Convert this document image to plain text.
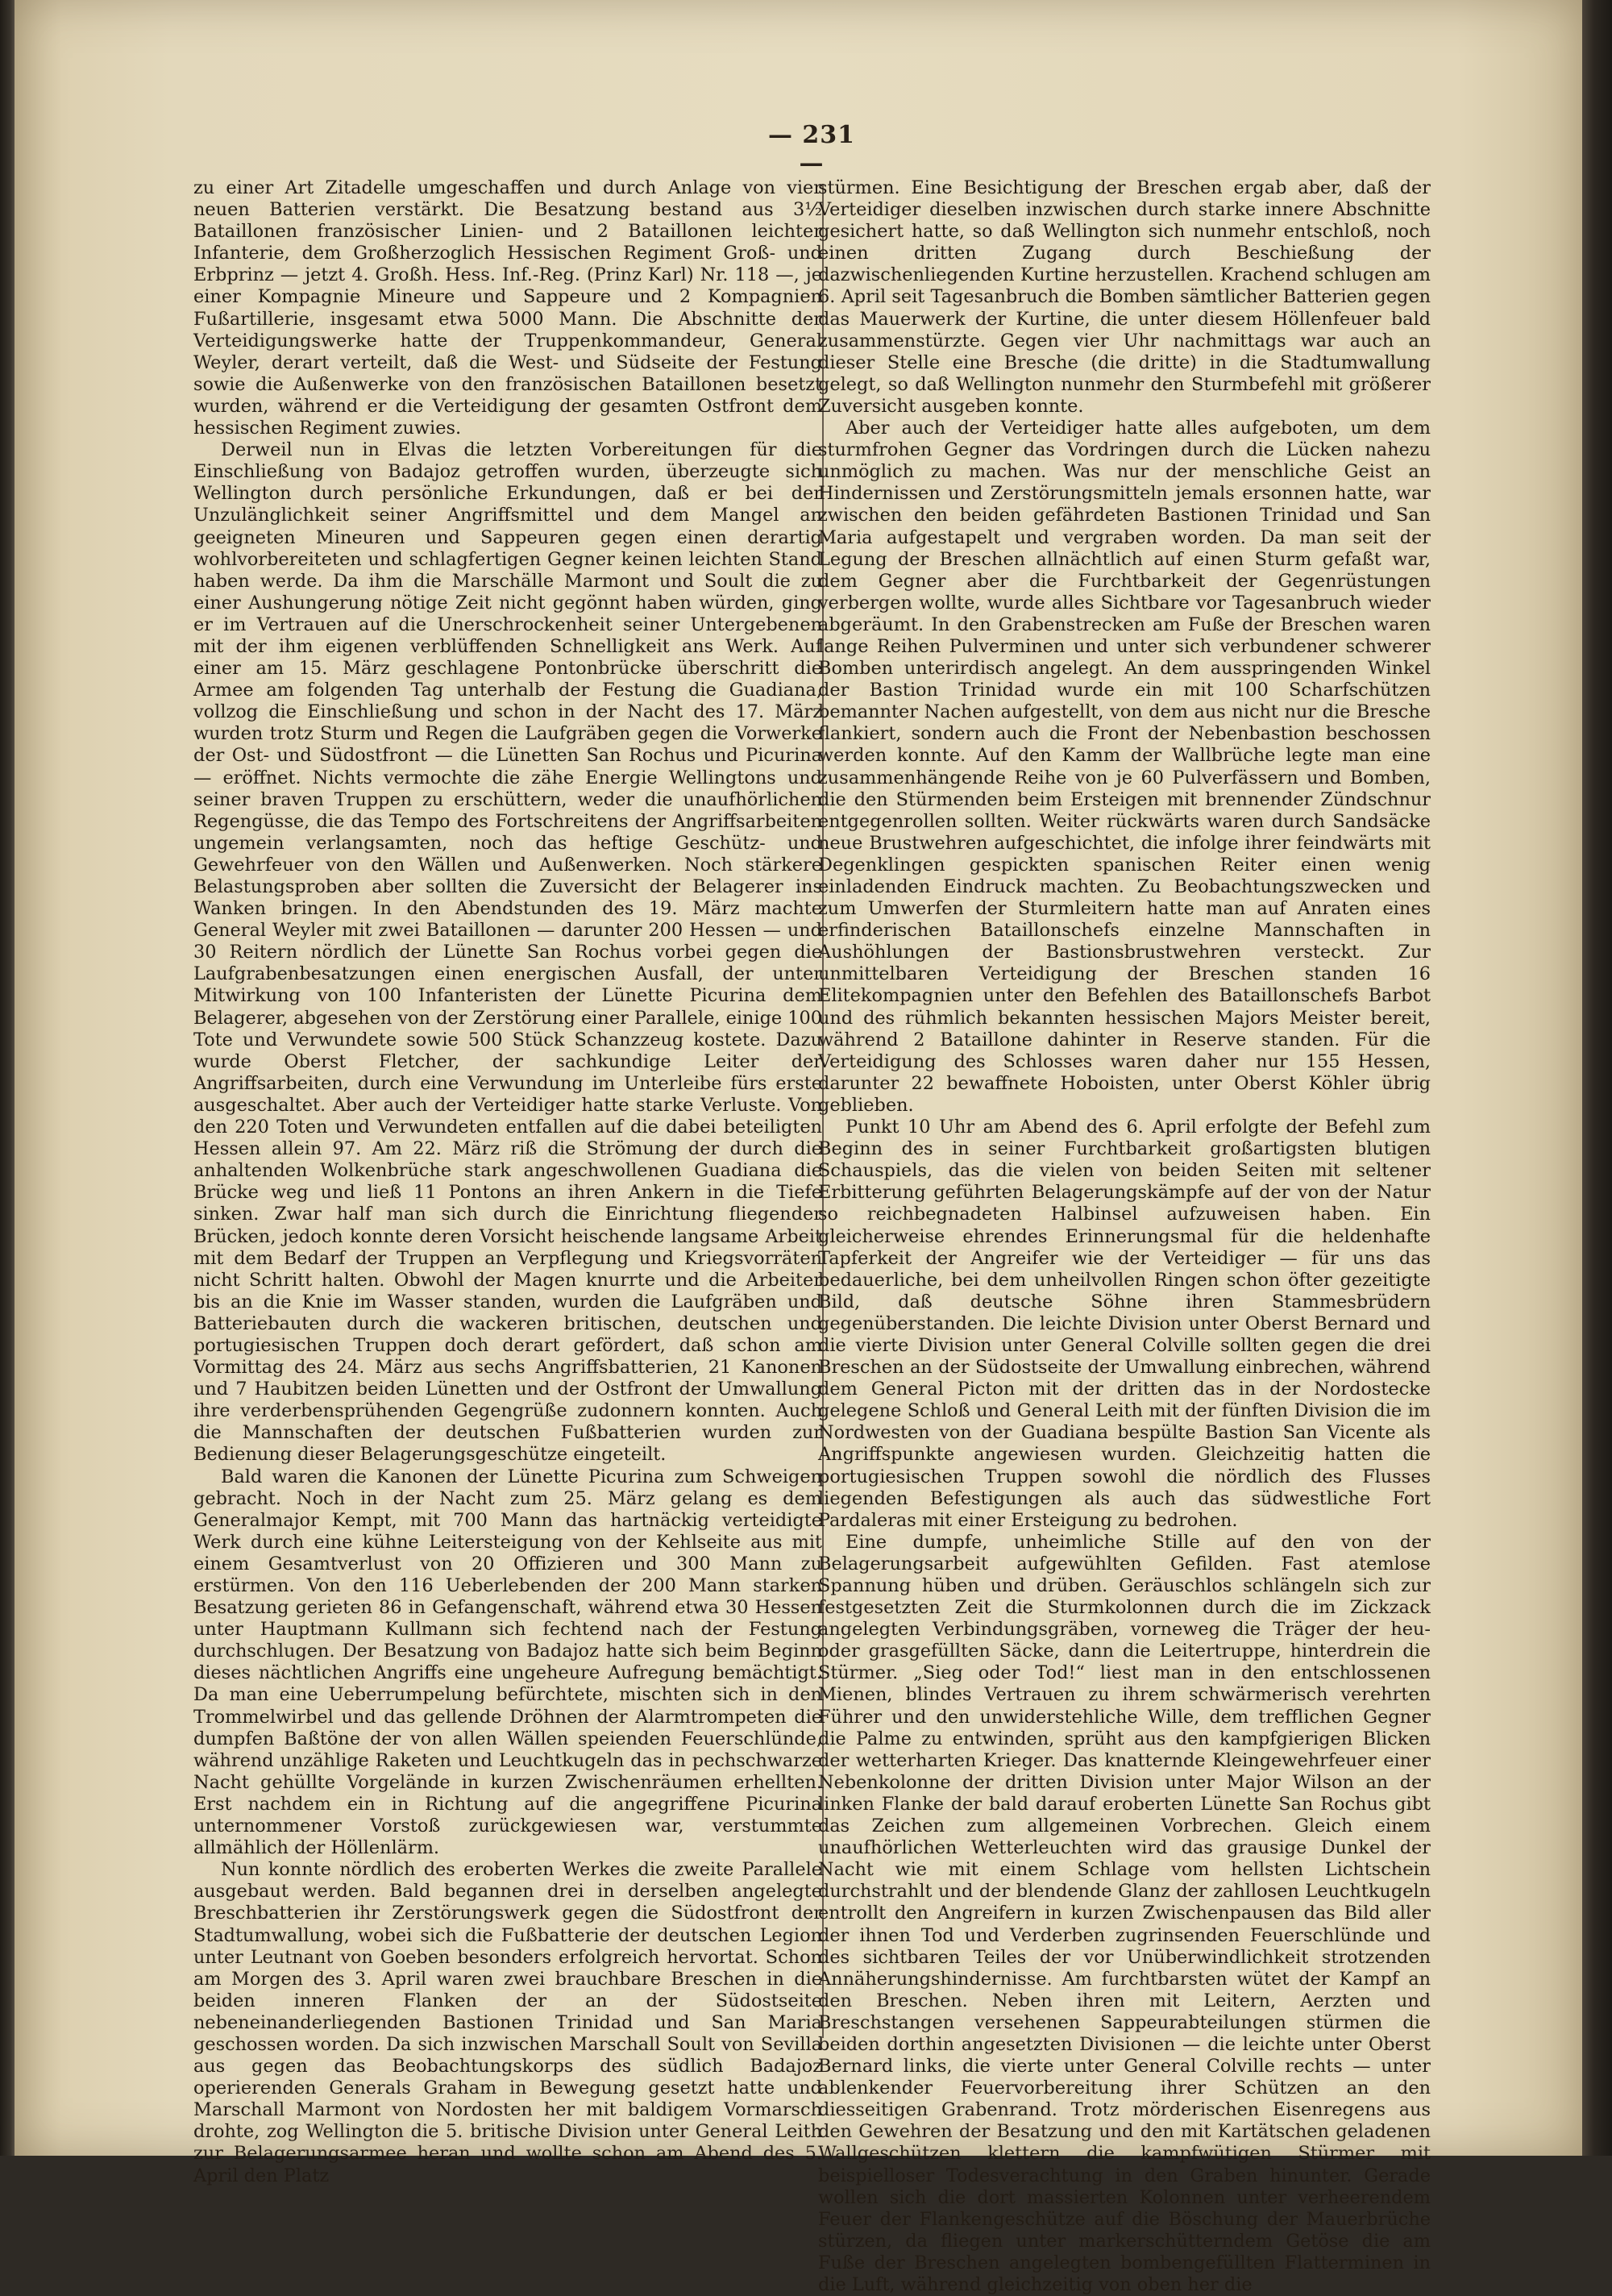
— 231 —

zu einer Art Zitadelle umgeschaffen und durch Anlage von vier neuen Batterien verstärkt. Die Besatzung bestand aus 3½ Bataillonen französischer Linien- und 2 Bataillonen leichter Infanterie, dem Großherzoglich Hessischen Regiment Groß- und Erbprinz — jetzt 4. Großh. Hess. Inf.-Reg. (Prinz Karl) Nr. 118 —, je einer Kompagnie Mineure und Sappeure und 2 Kompagnien Fußartillerie, insgesamt etwa 5000 Mann. Die Abschnitte der Verteidigungswerke hatte der Truppenkommandeur, General Weyler, derart verteilt, daß die West- und Südseite der Festung sowie die Außenwerke von den französischen Bataillonen besetzt wurden, während er die Verteidigung der gesamten Ostfront dem hessischen Regiment zuwies.

Derweil nun in Elvas die letzten Vorbereitungen für die Einschließung von Badajoz getroffen wurden, überzeugte sich Wellington durch persönliche Erkundungen, daß er bei der Unzulänglichkeit seiner Angriffsmittel und dem Mangel an geeigneten Mineuren und Sappeuren gegen einen derartig wohlvorbereiteten und schlagfertigen Gegner keinen leichten Stand haben werde. Da ihm die Marschälle Marmont und Soult die zu einer Aushungerung nötige Zeit nicht gegönnt haben würden, ging er im Vertrauen auf die Unerschrockenheit seiner Untergebenen mit der ihm eigenen verblüffenden Schnelligkeit ans Werk. Auf einer am 15. März geschlagene Pontonbrücke überschritt die Armee am folgenden Tag unterhalb der Festung die Guadiana, vollzog die Einschließung und schon in der Nacht des 17. März wurden trotz Sturm und Regen die Laufgräben gegen die Vorwerke der Ost- und Südostfront — die Lünetten San Rochus und Picurina — eröffnet. Nichts vermochte die zähe Energie Wellingtons und seiner braven Truppen zu erschüttern, weder die unaufhörlichen Regengüsse, die das Tempo des Fortschreitens der Angriffsarbeiten ungemein verlangsamten, noch das heftige Geschütz- und Gewehrfeuer von den Wällen und Außenwerken. Noch stärkere Belastungsproben aber sollten die Zuversicht der Belagerer ins Wanken bringen. In den Abendstunden des 19. März machte General Weyler mit zwei Bataillonen — darunter 200 Hessen — und 30 Reitern nördlich der Lünette San Rochus vorbei gegen die Laufgrabenbesatzungen einen energischen Ausfall, der unter Mitwirkung von 100 Infanteristen der Lünette Picurina dem Belagerer, abgesehen von der Zerstörung einer Parallele, einige 100 Tote und Verwundete sowie 500 Stück Schanzzeug kostete. Dazu wurde Oberst Fletcher, der sachkundige Leiter der Angriffsarbeiten, durch eine Verwundung im Unterleibe fürs erste ausgeschaltet. Aber auch der Verteidiger hatte starke Verluste. Von den 220 Toten und Verwundeten entfallen auf die dabei beteiligten Hessen allein 97. Am 22. März riß die Strömung der durch die anhaltenden Wolkenbrüche stark angeschwollenen Guadiana die Brücke weg und ließ 11 Pontons an ihren Ankern in die Tiefe sinken. Zwar half man sich durch die Einrichtung fliegender Brücken, jedoch konnte deren Vorsicht heischende langsame Arbeit mit dem Bedarf der Truppen an Verpflegung und Kriegsvorräten nicht Schritt halten. Obwohl der Magen knurrte und die Arbeiter bis an die Knie im Wasser standen, wurden die Laufgräben und Batteriebauten durch die wackeren britischen, deutschen und portugiesischen Truppen doch derart gefördert, daß schon am Vormittag des 24. März aus sechs Angriffsbatterien, 21 Kanonen und 7 Haubitzen beiden Lünetten und der Ostfront der Umwallung ihre verderbensprühenden Gegengrüße zudonnern konnten. Auch die Mannschaften der deutschen Fußbatterien wurden zur Bedienung dieser Belagerungsgeschütze eingeteilt.

Bald waren die Kanonen der Lünette Picurina zum Schweigen gebracht. Noch in der Nacht zum 25. März gelang es dem Generalmajor Kempt, mit 700 Mann das hartnäckig verteidigte Werk durch eine kühne Leitersteigung von der Kehlseite aus mit einem Gesamtverlust von 20 Offizieren und 300 Mann zu erstürmen. Von den 116 Ueberlebenden der 200 Mann starken Besatzung gerieten 86 in Gefangenschaft, während etwa 30 Hessen unter Hauptmann Kullmann sich fechtend nach der Festung durchschlugen. Der Besatzung von Badajoz hatte sich beim Beginn dieses nächtlichen Angriffs eine ungeheure Aufregung bemächtigt. Da man eine Ueberrumpelung befürchtete, mischten sich in den Trommelwirbel und das gellende Dröhnen der Alarmtrompeten die dumpfen Baßtöne der von allen Wällen speienden Feuerschlünde, während unzählige Raketen und Leuchtkugeln das in pechschwarze Nacht gehüllte Vorgelände in kurzen Zwischenräumen erhellten. Erst nachdem ein in Richtung auf die angegriffene Picurina unternommener Vorstoß zurückgewiesen war, verstummte allmählich der Höllenlärm.

Nun konnte nördlich des eroberten Werkes die zweite Parallele ausgebaut werden. Bald begannen drei in derselben angelegte Breschbatterien ihr Zerstörungswerk gegen die Südostfront der Stadtumwallung, wobei sich die Fußbatterie der deutschen Legion unter Leutnant von Goeben besonders erfolgreich hervortat. Schon am Morgen des 3. April waren zwei brauchbare Breschen in die beiden inneren Flanken der an der Südostseite nebeneinanderliegenden Bastionen Trinidad und San Maria geschossen worden. Da sich inzwischen Marschall Soult von Sevilla aus gegen das Beobachtungskorps des südlich Badajoz operierenden Generals Graham in Bewegung gesetzt hatte und Marschall Marmont von Nordosten her mit baldigem Vormarsch drohte, zog Wellington die 5. britische Division unter General Leith zur Belagerungsarmee heran und wollte schon am Abend des 5. April den Platz

stürmen. Eine Besichtigung der Breschen ergab aber, daß der Verteidiger dieselben inzwischen durch starke innere Abschnitte gesichert hatte, so daß Wellington sich nunmehr entschloß, noch einen dritten Zugang durch Beschießung der dazwischenliegenden Kurtine herzustellen. Krachend schlugen am 6. April seit Tagesanbruch die Bomben sämtlicher Batterien gegen das Mauerwerk der Kurtine, die unter diesem Höllenfeuer bald zusammenstürzte. Gegen vier Uhr nachmittags war auch an dieser Stelle eine Bresche (die dritte) in die Stadtumwallung gelegt, so daß Wellington nunmehr den Sturmbefehl mit größerer Zuversicht ausgeben konnte.

Aber auch der Verteidiger hatte alles aufgeboten, um dem sturmfrohen Gegner das Vordringen durch die Lücken nahezu unmöglich zu machen. Was nur der menschliche Geist an Hindernissen und Zerstörungsmitteln jemals ersonnen hatte, war zwischen den beiden gefährdeten Bastionen Trinidad und San Maria aufgestapelt und vergraben worden. Da man seit der Legung der Breschen allnächtlich auf einen Sturm gefaßt war, dem Gegner aber die Furchtbarkeit der Gegenrüstungen verbergen wollte, wurde alles Sichtbare vor Tagesanbruch wieder abgeräumt. In den Grabenstrecken am Fuße der Breschen waren lange Reihen Pulverminen und unter sich verbundener schwerer Bomben unterirdisch angelegt. An dem ausspringenden Winkel der Bastion Trinidad wurde ein mit 100 Scharfschützen bemannter Nachen aufgestellt, von dem aus nicht nur die Bresche flankiert, sondern auch die Front der Nebenbastion beschossen werden konnte. Auf den Kamm der Wallbrüche legte man eine zusammenhängende Reihe von je 60 Pulverfässern und Bomben, die den Stürmenden beim Ersteigen mit brennender Zündschnur entgegenrollen sollten. Weiter rückwärts waren durch Sandsäcke neue Brustwehren aufgeschichtet, die infolge ihrer feindwärts mit Degenklingen gespickten spanischen Reiter einen wenig einladenden Eindruck machten. Zu Beobachtungszwecken und zum Umwerfen der Sturmleitern hatte man auf Anraten eines erfinderischen Bataillonschefs einzelne Mannschaften in Aushöhlungen der Bastionsbrustwehren versteckt. Zur unmittelbaren Verteidigung der Breschen standen 16 Elitekompagnien unter den Befehlen des Bataillonschefs Barbot und des rühmlich bekannten hessischen Majors Meister bereit, während 2 Bataillone dahinter in Reserve standen. Für die Verteidigung des Schlosses waren daher nur 155 Hessen, darunter 22 bewaffnete Hoboisten, unter Oberst Köhler übrig geblieben.

Punkt 10 Uhr am Abend des 6. April erfolgte der Befehl zum Beginn des in seiner Furchtbarkeit großartigsten blutigen Schauspiels, das die vielen von beiden Seiten mit seltener Erbitterung geführten Belagerungskämpfe auf der von der Natur so reichbegnadeten Halbinsel aufzuweisen haben. Ein gleicherweise ehrendes Erinnerungsmal für die heldenhafte Tapferkeit der Angreifer wie der Verteidiger — für uns das bedauerliche, bei dem unheilvollen Ringen schon öfter gezeitigte Bild, daß deutsche Söhne ihren Stammesbrüdern gegenüberstanden. Die leichte Division unter Oberst Bernard und die vierte Division unter General Colville sollten gegen die drei Breschen an der Südostseite der Umwallung einbrechen, während dem General Picton mit der dritten das in der Nordostecke gelegene Schloß und General Leith mit der fünften Division die im Nordwesten von der Guadiana bespülte Bastion San Vicente als Angriffspunkte angewiesen wurden. Gleichzeitig hatten die portugiesischen Truppen sowohl die nördlich des Flusses liegenden Befestigungen als auch das südwestliche Fort Pardaleras mit einer Ersteigung zu bedrohen.

Eine dumpfe, unheimliche Stille auf den von der Belagerungsarbeit aufgewühlten Gefilden. Fast atemlose Spannung hüben und drüben. Geräuschlos schlängeln sich zur festgesetzten Zeit die Sturmkolonnen durch die im Zickzack angelegten Verbindungsgräben, vorneweg die Träger der heu- oder grasgefüllten Säcke, dann die Leitertruppe, hinterdrein die Stürmer. „Sieg oder Tod!“ liest man in den entschlossenen Mienen, blindes Vertrauen zu ihrem schwärmerisch verehrten Führer und den unwiderstehliche Wille, dem trefflichen Gegner die Palme zu entwinden, sprüht aus den kampfgierigen Blicken der wetterharten Krieger. Das knatternde Kleingewehrfeuer einer Nebenkolonne der dritten Division unter Major Wilson an der linken Flanke der bald darauf eroberten Lünette San Rochus gibt das Zeichen zum allgemeinen Vorbrechen. Gleich einem unaufhörlichen Wetterleuchten wird das grausige Dunkel der Nacht wie mit einem Schlage vom hellsten Lichtschein durchstrahlt und der blendende Glanz der zahllosen Leuchtkugeln entrollt den Angreifern in kurzen Zwischenpausen das Bild aller der ihnen Tod und Verderben zugrinsenden Feuerschlünde und des sichtbaren Teiles der vor Unüberwindlichkeit strotzenden Annäherungshindernisse. Am furchtbarsten wütet der Kampf an den Breschen. Neben ihren mit Leitern, Aerzten und Breschstangen versehenen Sappeurabteilungen stürmen die beiden dorthin angesetzten Divisionen — die leichte unter Oberst Bernard links, die vierte unter General Colville rechts — unter ablenkender Feuervorbereitung ihrer Schützen an den diesseitigen Grabenrand. Trotz mörderischen Eisenregens aus den Gewehren der Besatzung und den mit Kartätschen geladenen Wallgeschützen klettern die kampfwütigen Stürmer mit beispielloser Todesverachtung in den Graben hinunter. Gerade wollen sich die dort massierten Kolonnen unter verheerendem Feuer der Flankengeschütze auf die Böschung der Mauerbrüche stürzen, da fliegen unter markerschütterndem Getöse die am Fuße der Breschen angelegten bombengefüllten Flatterminen in die Luft, während gleichzeitig von oben her die
